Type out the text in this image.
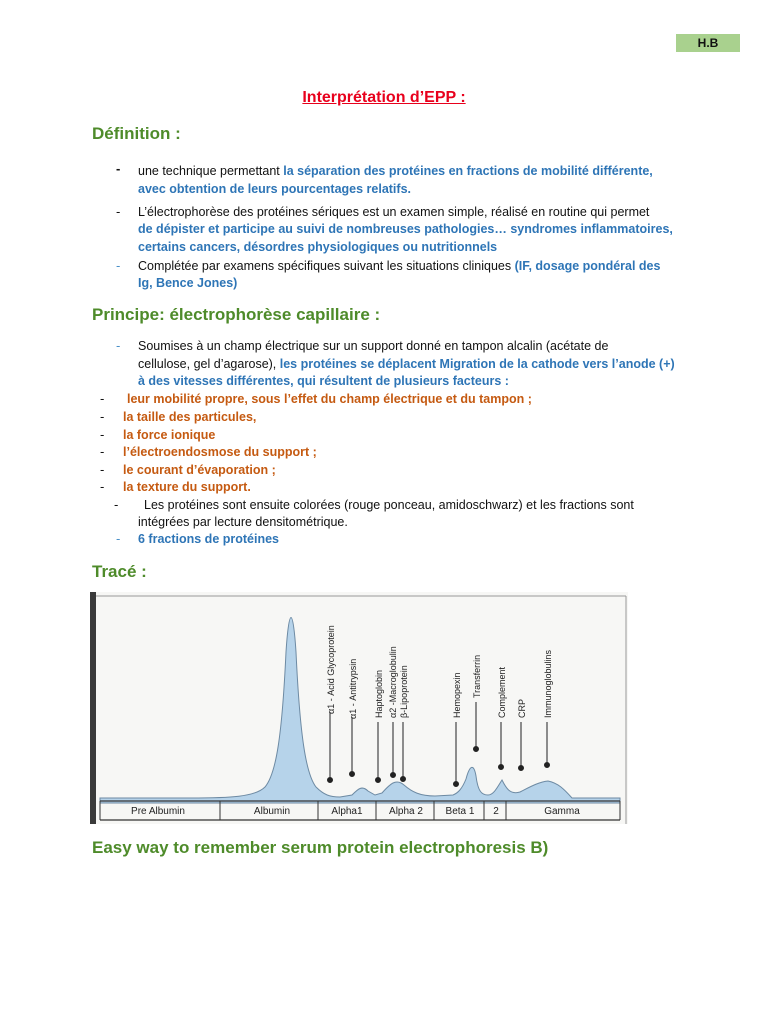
H.B
Interprétation d’EPP :
Définition :
- une technique permettant la séparation des protéines en fractions de mobilité différente,
avec obtention de leurs pourcentages relatifs.
- L’électrophorèse des protéines sériques est un examen simple, réalisé en routine qui permet
de dépister et participe au suivi de nombreuses pathologies… syndromes inflammatoires,
certains cancers, désordres physiologiques ou nutritionnels
- Complétée par examens spécifiques suivant les situations cliniques (IF, dosage pondéral des
Ig, Bence Jones)
Principe: électrophorèse capillaire :
- Soumises à un champ électrique sur un support donné en tampon alcalin (acétate de
cellulose, gel d’agarose), les protéines se déplacent Migration de la cathode vers l’anode (+)
à des vitesses différentes, qui résultent de plusieurs facteurs :
- leur mobilité propre, sous l’effet du champ électrique et du tampon ;
- la taille des particules,
- la force ionique
- l’électroendosmose du support ;
- le courant d’évaporation ;
- la texture du support.
- Les protéines sont ensuite colorées (rouge ponceau, amidoschwarz) et les fractions sont
intégrées par lecture densitométrique.
- 6 fractions de protéines
Tracé :
α1 - Acid Glycoprotein α1 - Antitrypsin Haptoglobin α2 -Macroglobulin β-Lipoprotein	Hemopexin Transferrin Complement CRP Immunoglobulins
Pre Albumin	Albumin	Alpha1	Alpha 2 Beta 1 2	Gamma
Easy way to remember serum protein electrophoresis B)
